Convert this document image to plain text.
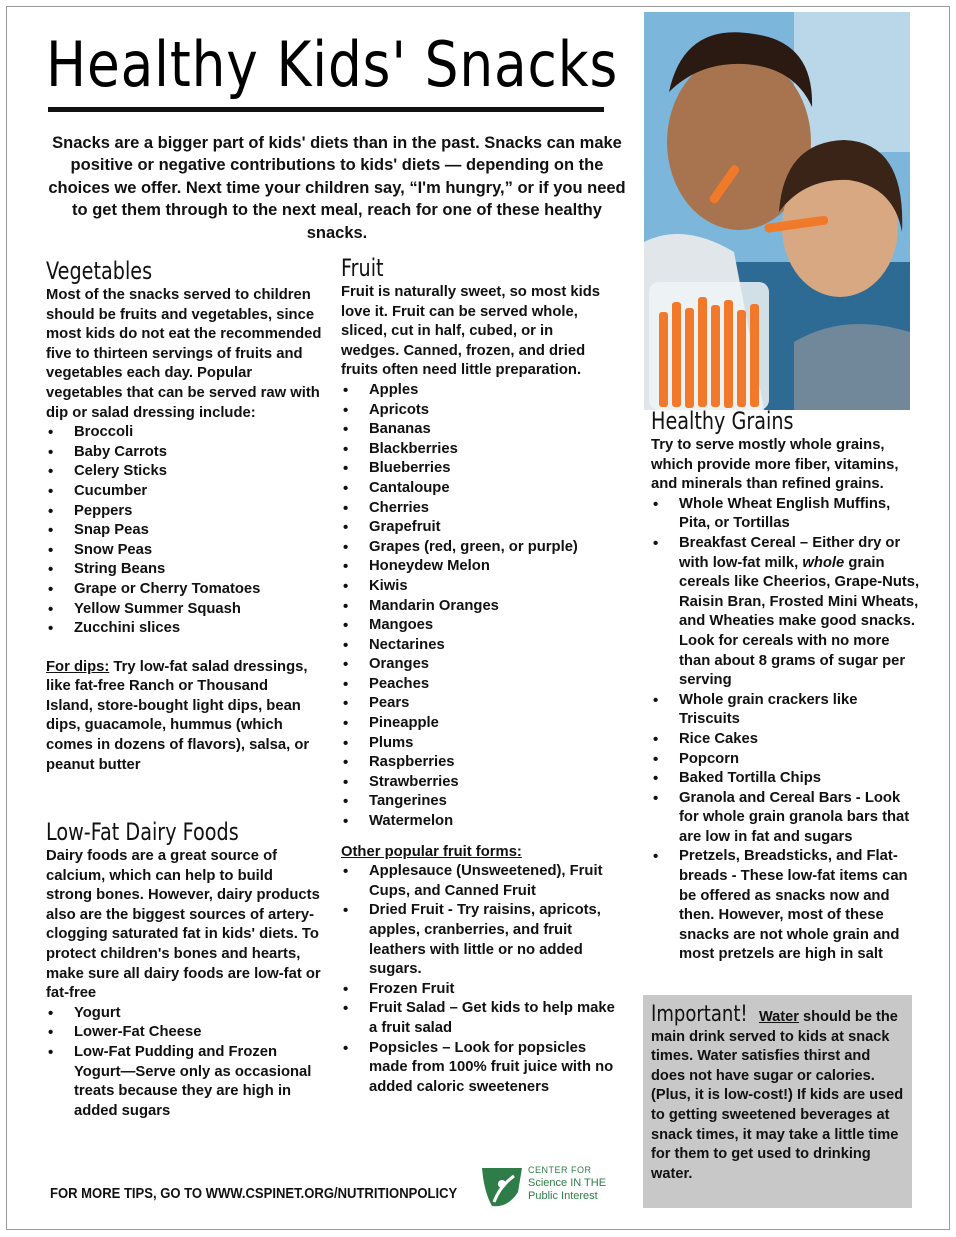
Healthy Kids' Snacks
Snacks are a bigger part of kids' diets than in the past. Snacks can make positive or negative contributions to kids' diets — depending on the choices we offer. Next time your children say, “I'm hungry,” or if you need to get them through to the next meal, reach for one of these healthy snacks.
Vegetables

Most of the snacks served to children should be fruits and vegetables, since most kids do not eat the recommended five to thirteen servings of fruits and vegetables each day. Popular vegetables that can be served raw with dip or salad dressing include:

• Broccoli
• Baby Carrots
• Celery Sticks
• Cucumber
• Peppers
• Snap Peas
• Snow Peas
• String Beans
• Grape or Cherry Tomatoes
• Yellow Summer Squash
• Zucchini slices

For dips: Try low-fat salad dressings, like fat-free Ranch or Thousand Island, store-bought light dips, bean dips, guacamole, hummus (which comes in dozens of flavors), salsa, or peanut butter

Low-Fat Dairy Foods

Dairy foods are a great source of calcium, which can help to build strong bones. However, dairy products also are the biggest sources of artery-clogging saturated fat in kids' diets. To protect children's bones and hearts, make sure all dairy foods are low-fat or fat-free

• Yogurt
• Lower-Fat Cheese
• Low-Fat Pudding and Frozen Yogurt—Serve only as occasional treats because they are high in added sugars
Fruit

Fruit is naturally sweet, so most kids love it. Fruit can be served whole, sliced, cut in half, cubed, or in wedges. Canned, frozen, and dried fruits often need little preparation.

• Apples
• Apricots
• Bananas
• Blackberries
• Blueberries
• Cantaloupe
• Cherries
• Grapefruit
• Grapes (red, green, or purple)
• Honeydew Melon
• Kiwis
• Mandarin Oranges
• Mangoes
• Nectarines
• Oranges
• Peaches
• Pears
• Pineapple
• Plums
• Raspberries
• Strawberries
• Tangerines
• Watermelon

Other popular fruit forms:

• Applesauce (Unsweetened), Fruit Cups, and Canned Fruit
• Dried Fruit - Try raisins, apricots, apples, cranberries, and fruit leathers with little or no added sugars.
• Frozen Fruit
• Fruit Salad – Get kids to help make a fruit salad
• Popsicles – Look for popsicles made from 100% fruit juice with no added caloric sweeteners
Healthy Grains

Try to serve mostly whole grains, which provide more fiber, vitamins, and minerals than refined grains.

• Whole Wheat English Muffins, Pita, or Tortillas
• Breakfast Cereal – Either dry or with low-fat milk, whole grain cereals like Cheerios, Grape-Nuts, Raisin Bran, Frosted Mini Wheats, and Wheaties make good snacks. Look for cereals with no more than about 8 grams of sugar per serving
• Whole grain crackers like Triscuits
• Rice Cakes
• Popcorn
• Baked Tortilla Chips
• Granola and Cereal Bars - Look for whole grain granola bars that are low in fat and sugars
• Pretzels, Breadsticks, and Flat-breads - These low-fat items can be offered as snacks now and then. However, most of these snacks are not whole grain and most pretzels are high in salt
Important! Water should be the main drink served to kids at snack times. Water satisfies thirst and does not have sugar or calories. (Plus, it is low-cost!) If kids are used to getting sweetened beverages at snack times, it may take a little time for them to get used to drinking water.
FOR MORE TIPS, GO TO WWW.CSPINET.ORG/NUTRITIONPOLICY
CENTER FOR
Science IN THE
Public Interest
